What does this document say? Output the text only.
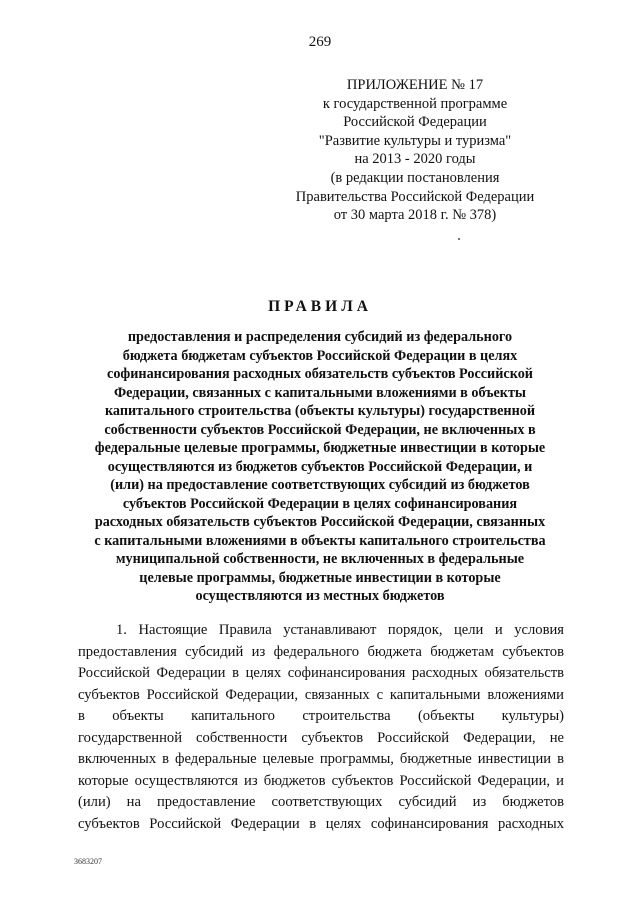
269
ПРИЛОЖЕНИЕ № 17
к государственной программе
Российской Федерации
"Развитие культуры и туризма"
на 2013 - 2020 годы
(в редакции постановления
Правительства Российской Федерации
от 30 марта 2018 г. № 378)
ПРАВИЛА
предоставления и распределения субсидий из федерального
бюджета бюджетам субъектов Российской Федерации в целях
софинансирования расходных обязательств субъектов Российской
Федерации, связанных с капитальными вложениями в объекты
капитального строительства (объекты культуры) государственной
собственности субъектов Российской Федерации, не включенных в
федеральные целевые программы, бюджетные инвестиции в которые
осуществляются из бюджетов субъектов Российской Федерации, и
(или) на предоставление соответствующих субсидий из бюджетов
субъектов Российской Федерации в целях софинансирования
расходных обязательств субъектов Российской Федерации, связанных
с капитальными вложениями в объекты капитального строительства
муниципальной собственности, не включенных в федеральные
целевые программы, бюджетные инвестиции в которые
осуществляются из местных бюджетов
1. Настоящие Правила устанавливают порядок, цели и условия
предоставления субсидий из федерального бюджета бюджетам субъектов
Российской Федерации в целях софинансирования расходных обязательств
субъектов Российской Федерации, связанных с капитальными вложениями
в объекты капитального строительства (объекты культуры)
государственной собственности субъектов Российской Федерации, не
включенных в федеральные целевые программы, бюджетные инвестиции в
которые осуществляются из бюджетов субъектов Российской Федерации, и
(или) на предоставление соответствующих субсидий из бюджетов
субъектов Российской Федерации в целях софинансирования расходных
3683207
